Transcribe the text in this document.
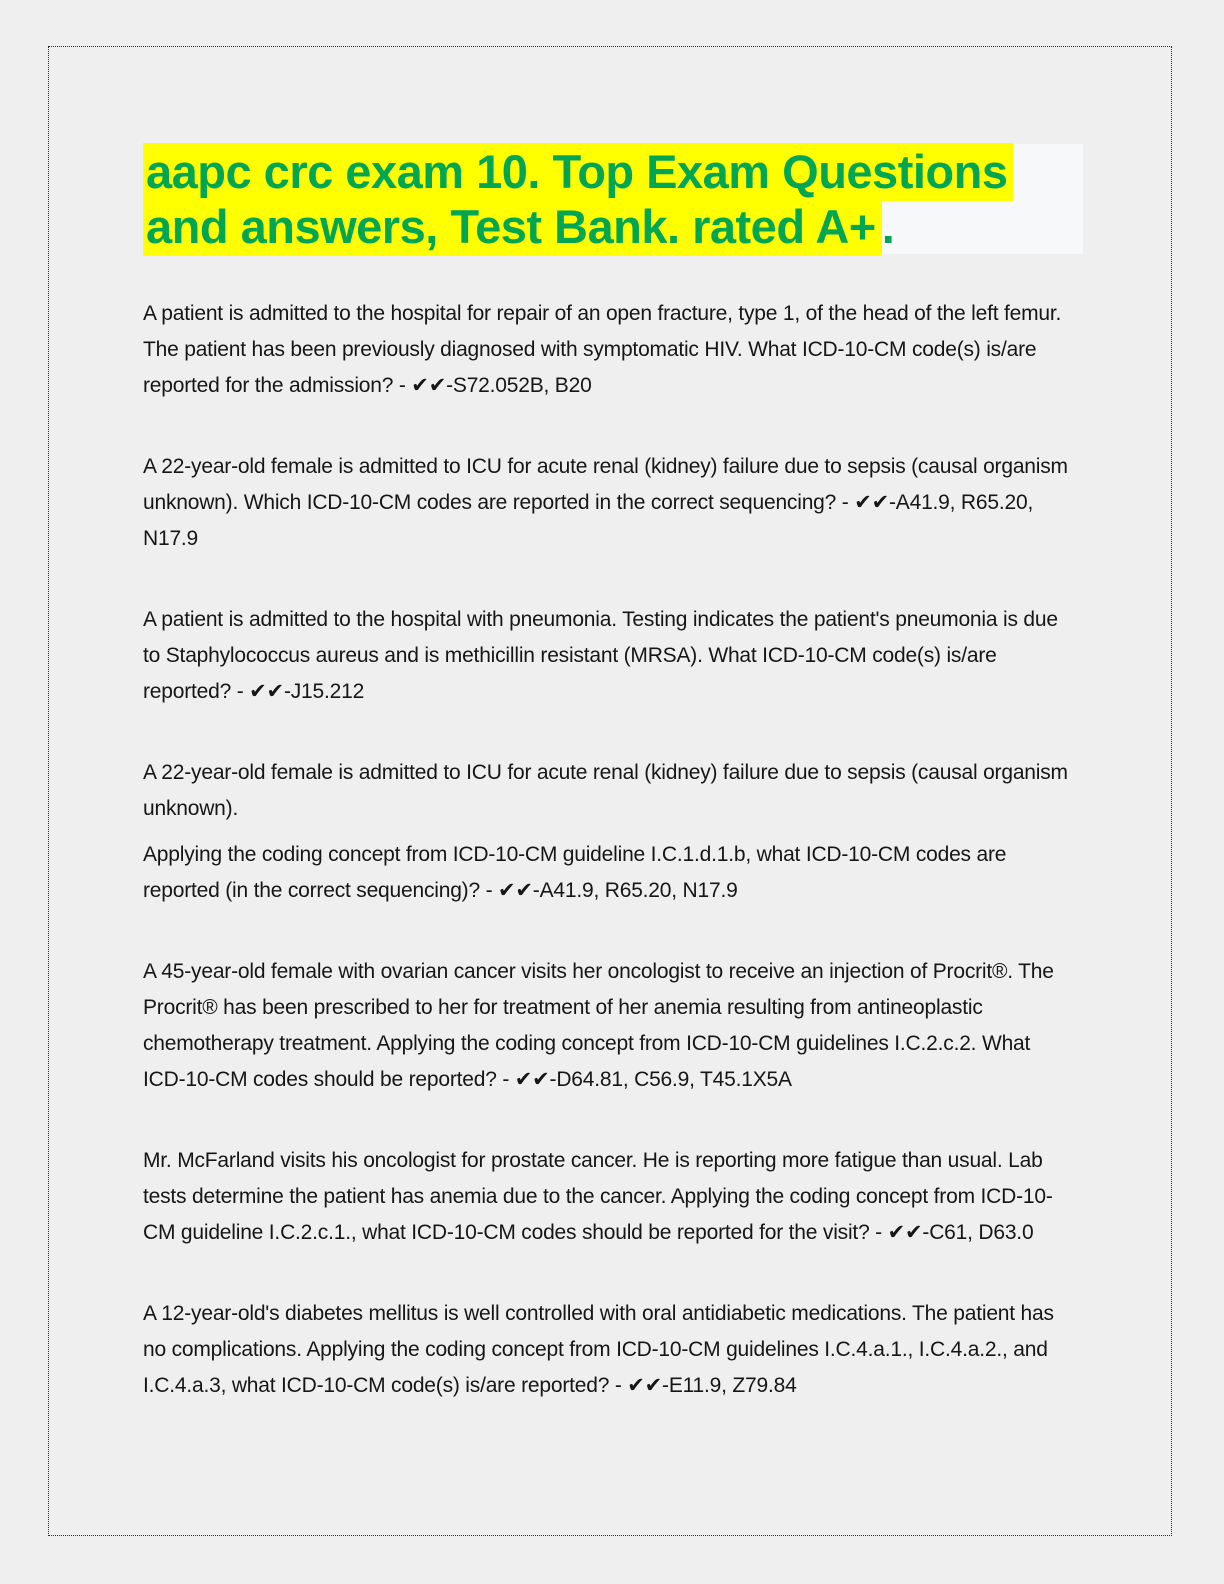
aapc crc exam 10. Top Exam Questions
and answers, Test Bank. rated A+ .

A patient is admitted to the hospital for repair of an open fracture, type 1, of the head of the left femur. The patient has been previously diagnosed with symptomatic HIV. What ICD-10-CM code(s) is/are reported for the admission? - ✔✔-S72.052B, B20

A 22-year-old female is admitted to ICU for acute renal (kidney) failure due to sepsis (causal organism unknown). Which ICD-10-CM codes are reported in the correct sequencing? - ✔✔-A41.9, R65.20, N17.9

A patient is admitted to the hospital with pneumonia. Testing indicates the patient's pneumonia is due to Staphylococcus aureus and is methicillin resistant (MRSA). What ICD-10-CM code(s) is/are reported? - ✔✔-J15.212

A 22-year-old female is admitted to ICU for acute renal (kidney) failure due to sepsis (causal organism unknown).

Applying the coding concept from ICD-10-CM guideline I.C.1.d.1.b, what ICD-10-CM codes are reported (in the correct sequencing)? - ✔✔-A41.9, R65.20, N17.9

A 45-year-old female with ovarian cancer visits her oncologist to receive an injection of Procrit®. The Procrit® has been prescribed to her for treatment of her anemia resulting from antineoplastic chemotherapy treatment. Applying the coding concept from ICD-10-CM guidelines I.C.2.c.2. What ICD-10-CM codes should be reported? - ✔✔-D64.81, C56.9, T45.1X5A

Mr. McFarland visits his oncologist for prostate cancer. He is reporting more fatigue than usual. Lab tests determine the patient has anemia due to the cancer. Applying the coding concept from ICD-10-CM guideline I.C.2.c.1., what ICD-10-CM codes should be reported for the visit? - ✔✔-C61, D63.0

A 12-year-old's diabetes mellitus is well controlled with oral antidiabetic medications. The patient has no complications. Applying the coding concept from ICD-10-CM guidelines I.C.4.a.1., I.C.4.a.2., and I.C.4.a.3, what ICD-10-CM code(s) is/are reported? - ✔✔-E11.9, Z79.84
